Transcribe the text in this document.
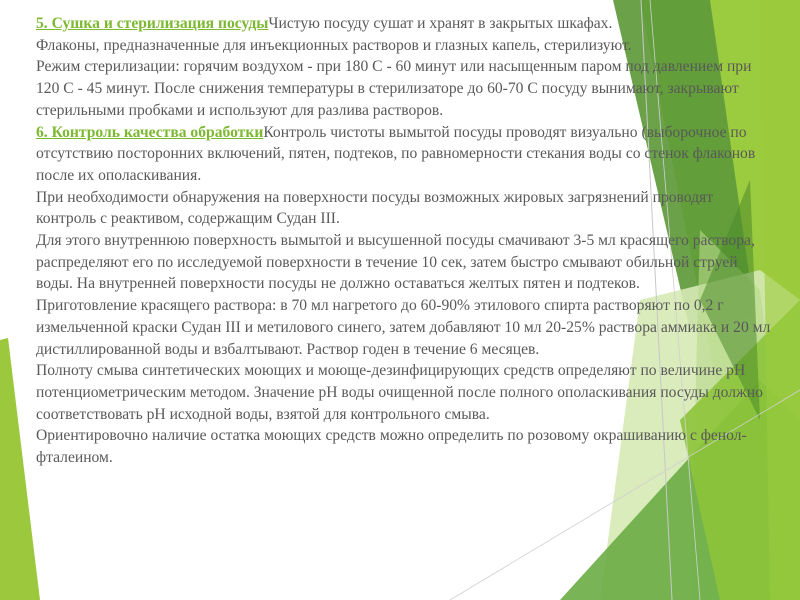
5. Сушка и стерилизация посудыЧистую посуду сушат и хранят в закрытых шкафах.

Флаконы, предназначенные для инъекционных растворов и глазных капель, стерилизуют.

Режим стерилизации: горячим воздухом - при 180 С - 60 минут или насыщенным паром под давлением при 120 С - 45 минут. После снижения температуры в стерилизаторе до 60-70 С посуду вынимают, закрывают стерильными пробками и используют для разлива растворов.

6. Контроль качества обработкиКонтроль чистоты вымытой посуды проводят визуально (выборочное по отсутствию посторонних включений, пятен, подтеков, по равномерности стекания воды со стенок флаконов после их ополаскивания.

При необходимости обнаружения на поверхности посуды возможных жировых загрязнений проводят контроль с реактивом, содержащим Судан III.

Для этого внутреннюю поверхность вымытой и высушенной посуды смачивают 3-5 мл красящего раствора, распределяют его по исследуемой поверхности в течение 10 сек, затем быстро смывают обильной струей воды. На внутренней поверхности посуды не должно оставаться желтых пятен и подтеков.

Приготовление красящего раствора: в 70 мл нагретого до 60-90% этилового спирта растворяют по 0,2 г измельченной краски Судан III и метилового синего, затем добавляют 10 мл 20-25% раствора аммиака и 20 мл дистиллированной воды и взбалтывают. Раствор годен в течение 6 месяцев.

Полноту смыва синтетических моющих и моюще-дезинфицирующих средств определяют по величине pH потенциометрическим методом. Значение pH воды очищенной после полного ополаскивания посуды должно соответствовать pH исходной воды, взятой для контрольного смыва.

Ориентировочно наличие остатка моющих средств можно определить по розовому окрашиванию с фенол-фталеином.
